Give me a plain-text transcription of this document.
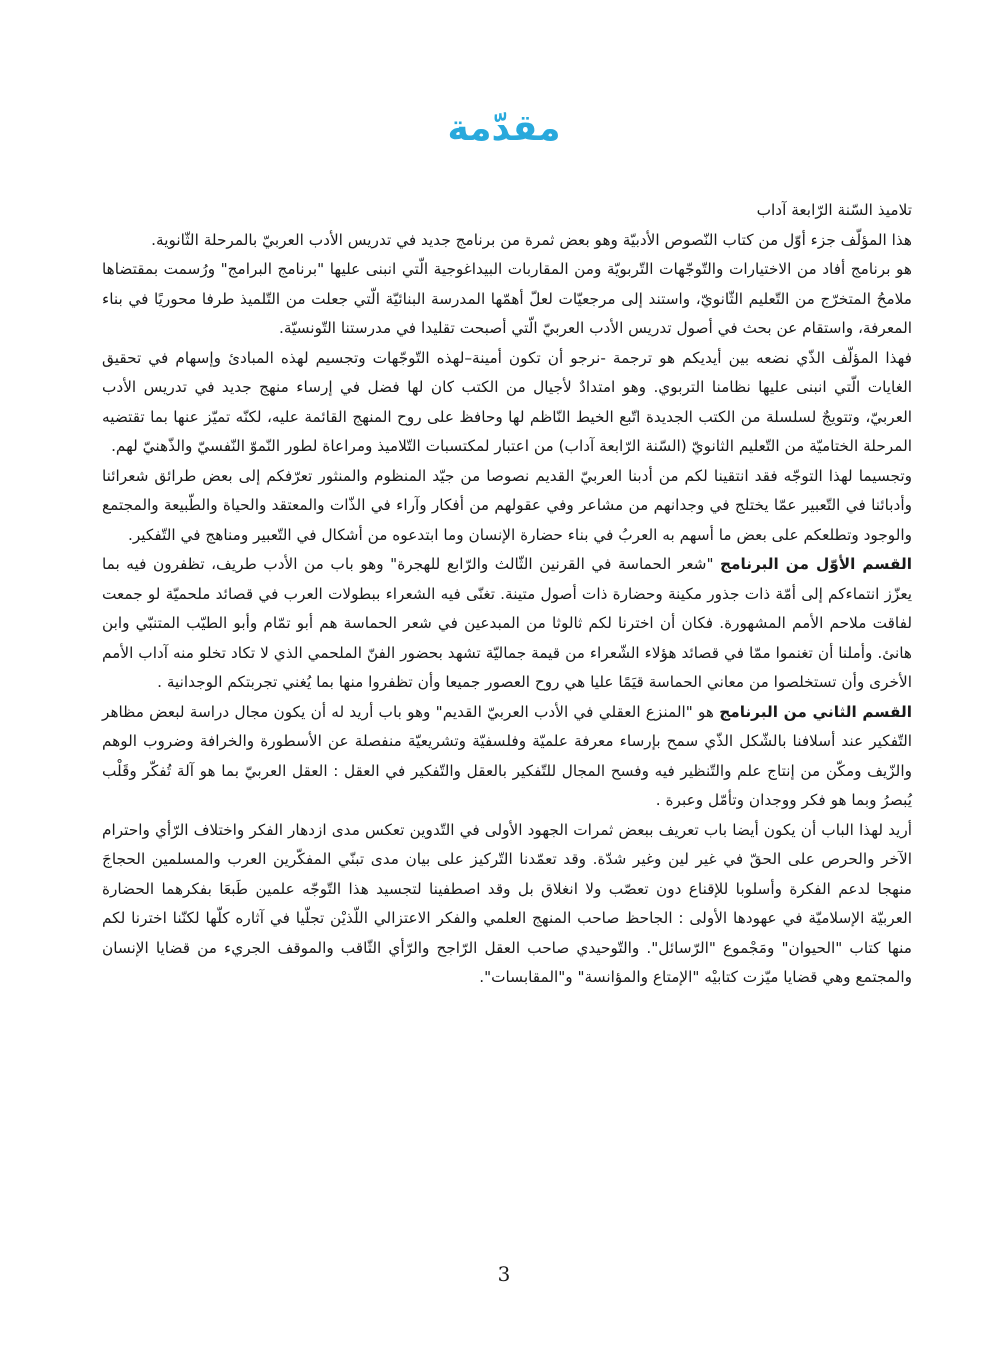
مقدّمة

تلاميذ السّنة الرّابعة آداب

هذا المؤلّف جزء أوّل من كتاب النّصوص الأدبيّة وهو بعض ثمرة من برنامج جديد في تدريس الأدب العربيّ بالمرحلة الثّانوية.

هو برنامج أفاد من الاختيارات والتّوجّهات التّربويّة ومن المقاربات البيداغوجية الّتي انبنى عليها "برنامج البرامج" ورُسمت بمقتضاها ملامحُ المتخرّج من التّعليم الثّانويّ، واستند إلى مرجعيّات لعلّ أهمّها المدرسة البنائيّة الّتي جعلت من التّلميذ طرفا محوريًا في بناء المعرفة، واستقام عن بحث في أصول تدريس الأدب العربيّ الّتي أصبحت تقليدا في مدرستنا التّونسيّة.

فهذا المؤلّف الذّي نضعه بين أيديكم هو ترجمة -نرجو أن تكون أمينة–لهذه التّوجّهات وتجسيم لهذه المبادئ وإسهام في تحقيق الغايات الّتي انبنى عليها نظامنا التربوي. وهو امتدادٌ لأجيال من الكتب كان لها فضل في إرساء منهج جديد في تدريس الأدب العربيّ، وتتويجٌ لسلسلة من الكتب الجديدة اتّبع الخيط النّاظم لها وحافظ على روح المنهج القائمة عليه، لكنّه تميّز عنها بما تقتضيه المرحلة الختاميّة من التّعليم الثانويّ (السّنة الرّابعة آداب) من اعتبار لمكتسبات التّلاميذ ومراعاة لطور النّموّ النّفسيّ والذّهنيّ لهم.

وتجسيما لهذا التوجّه فقد انتقينا لكم من أدبنا العربيّ القديم نصوصا من جيّد المنظوم والمنثور تعرّفكم إلى بعض طرائق شعرائنا وأدبائنا في التّعبير عمّا يختلج في وجدانهم من مشاعر وفي عقولهم من أفكار وآراء في الذّات والمعتقد والحياة والطّبيعة والمجتمع والوجود وتطلعكم على بعض ما أسهم به العربُ في بناء حضارة الإنسان وما ابتدعوه من أشكال في التّعبير ومناهج في التّفكير.

القسم الأوّل من البرنامج "شعر الحماسة في القرنين الثّالث والرّابع للهجرة" وهو باب من الأدب طريف، تظفرون فيه بما يعزّز انتماءكم إلى أمّة ذات جذور مكينة وحضارة ذات أصول متينة. تغنّى فيه الشعراء ببطولات العرب في قصائد ملحميّة لو جمعت لفاقت ملاحم الأمم المشهورة. فكان أن اخترنا لكم ثالوثا من المبدعين في شعر الحماسة هم أبو تمّام وأبو الطيّب المتنبّي وابن هانئ. وأملنا أن تغنموا ممّا في قصائد هؤلاء الشّعراء من قيمة جماليّة تشهد بحضور الفنّ الملحمي الذي لا تكاد تخلو منه آداب الأمم الأخرى وأن تستخلصوا من معاني الحماسة قيَمًا عليا هي روح العصور جميعا وأن تظفروا منها بما يُغني تجربتكم الوجدانية .

القسم الثاني من البرنامج هو "المنزع العقلي في الأدب العربيّ القديم" وهو باب أريد له أن يكون مجال دراسة لبعض مظاهر التّفكير عند أسلافنا بالشّكل الذّي سمح بإرساء معرفة علميّة وفلسفيّة وتشريعيّة منفصلة عن الأسطورة والخرافة وضروب الوهم والزّيف ومكّن من إنتاج علم والتّنظير فيه وفسح المجال للتّفكير بالعقل والتّفكير في العقل : العقل العربيّ بما هو آلة تُفكّر وقَلْب يُبصرُ وبما هو فكر ووجدان وتأمّل وعبرة .

أريد لهذا الباب أن يكون أيضا باب تعريف ببعض ثمرات الجهود الأولى في التّدوين تعكس مدى ازدهار الفكر واختلاف الرّأي واحترام الآخر والحرص على الحقّ في غير لين وغير شدّة. وقد تعمّدنا التّركيز على بيان مدى تبنّي المفكّرين العرب والمسلمين الحجاجَ منهجا لدعم الفكرة وأسلوبا للإقناع دون تعصّب ولا انغلاق بل وقد اصطفينا لتجسيد هذا التّوجّه علمين طَبعَا بفكرهما الحضارة العربيّة الإسلاميّة في عهودها الأولى : الجاحظ صاحب المنهج العلمي والفكر الاعتزالي اللّذيْن تجلّيا في آثاره كلّها لكنّنا اخترنا لكم منها كتاب "الحيوان" ومَجْموع "الرّسائل". والتّوحيدي صاحب العقل الرّاجح والرّأي الثّاقب والموقف الجريء من قضايا الإنسان والمجتمع وهي قضايا ميّزت كتابيْه "الإمتاع والمؤانسة" و"المقابسات".

3
